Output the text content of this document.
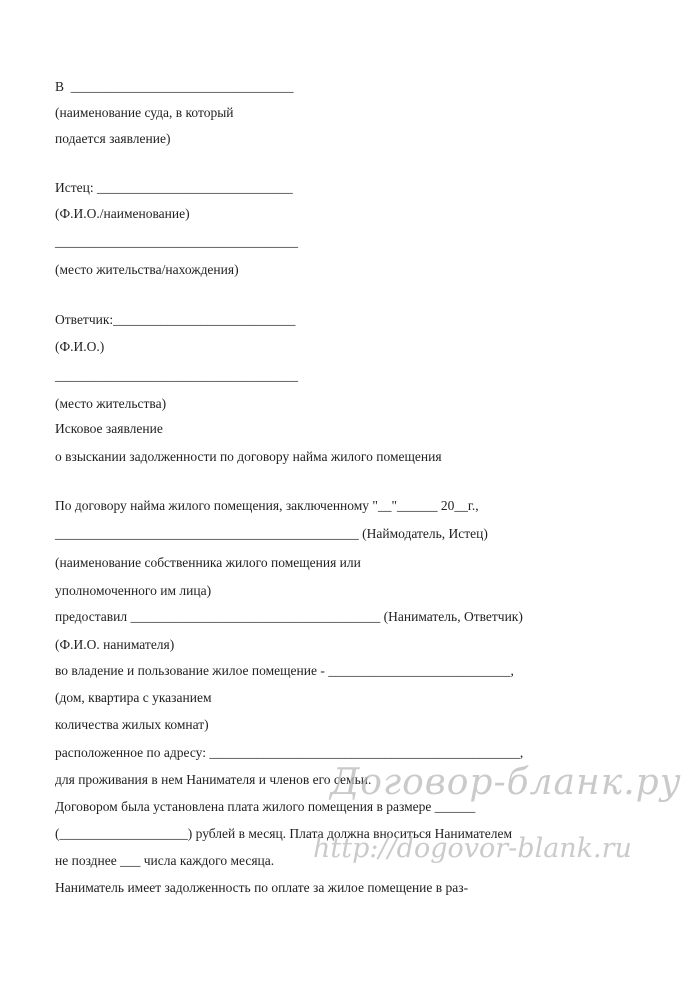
В  _________________________________
(наименование суда, в который
подается заявление)
Истец: _____________________________
(Ф.И.О./наименование)
____________________________________
(место жительства/нахождения)
Ответчик:___________________________
(Ф.И.О.)
____________________________________
(место жительства)
Исковое заявление
о взыскании задолженности по договору найма жилого помещения
По договору найма жилого помещения, заключенному "__"______ 20__г.,
_____________________________________________ (Наймодатель, Истец)
(наименование собственника жилого помещения или
уполномоченного им лица)
предоставил _____________________________________ (Наниматель, Ответчик)
(Ф.И.О. нанимателя)
во владение и пользование жилое помещение - ___________________________,
(дом, квартира с указанием
количества жилых комнат)
расположенное по адресу: ______________________________________________,
для проживания в нем Нанимателя и членов его семьи.
Договором была установлена плата жилого помещения в размере ______
(___________________) рублей в месяц. Плата должна вноситься Нанимателем
не позднее ___ числа каждого месяца.
Наниматель имеет задолженность по оплате за жилое помещение в раз-
Договор-бланк.ру
http://dogovor-blank.ru
